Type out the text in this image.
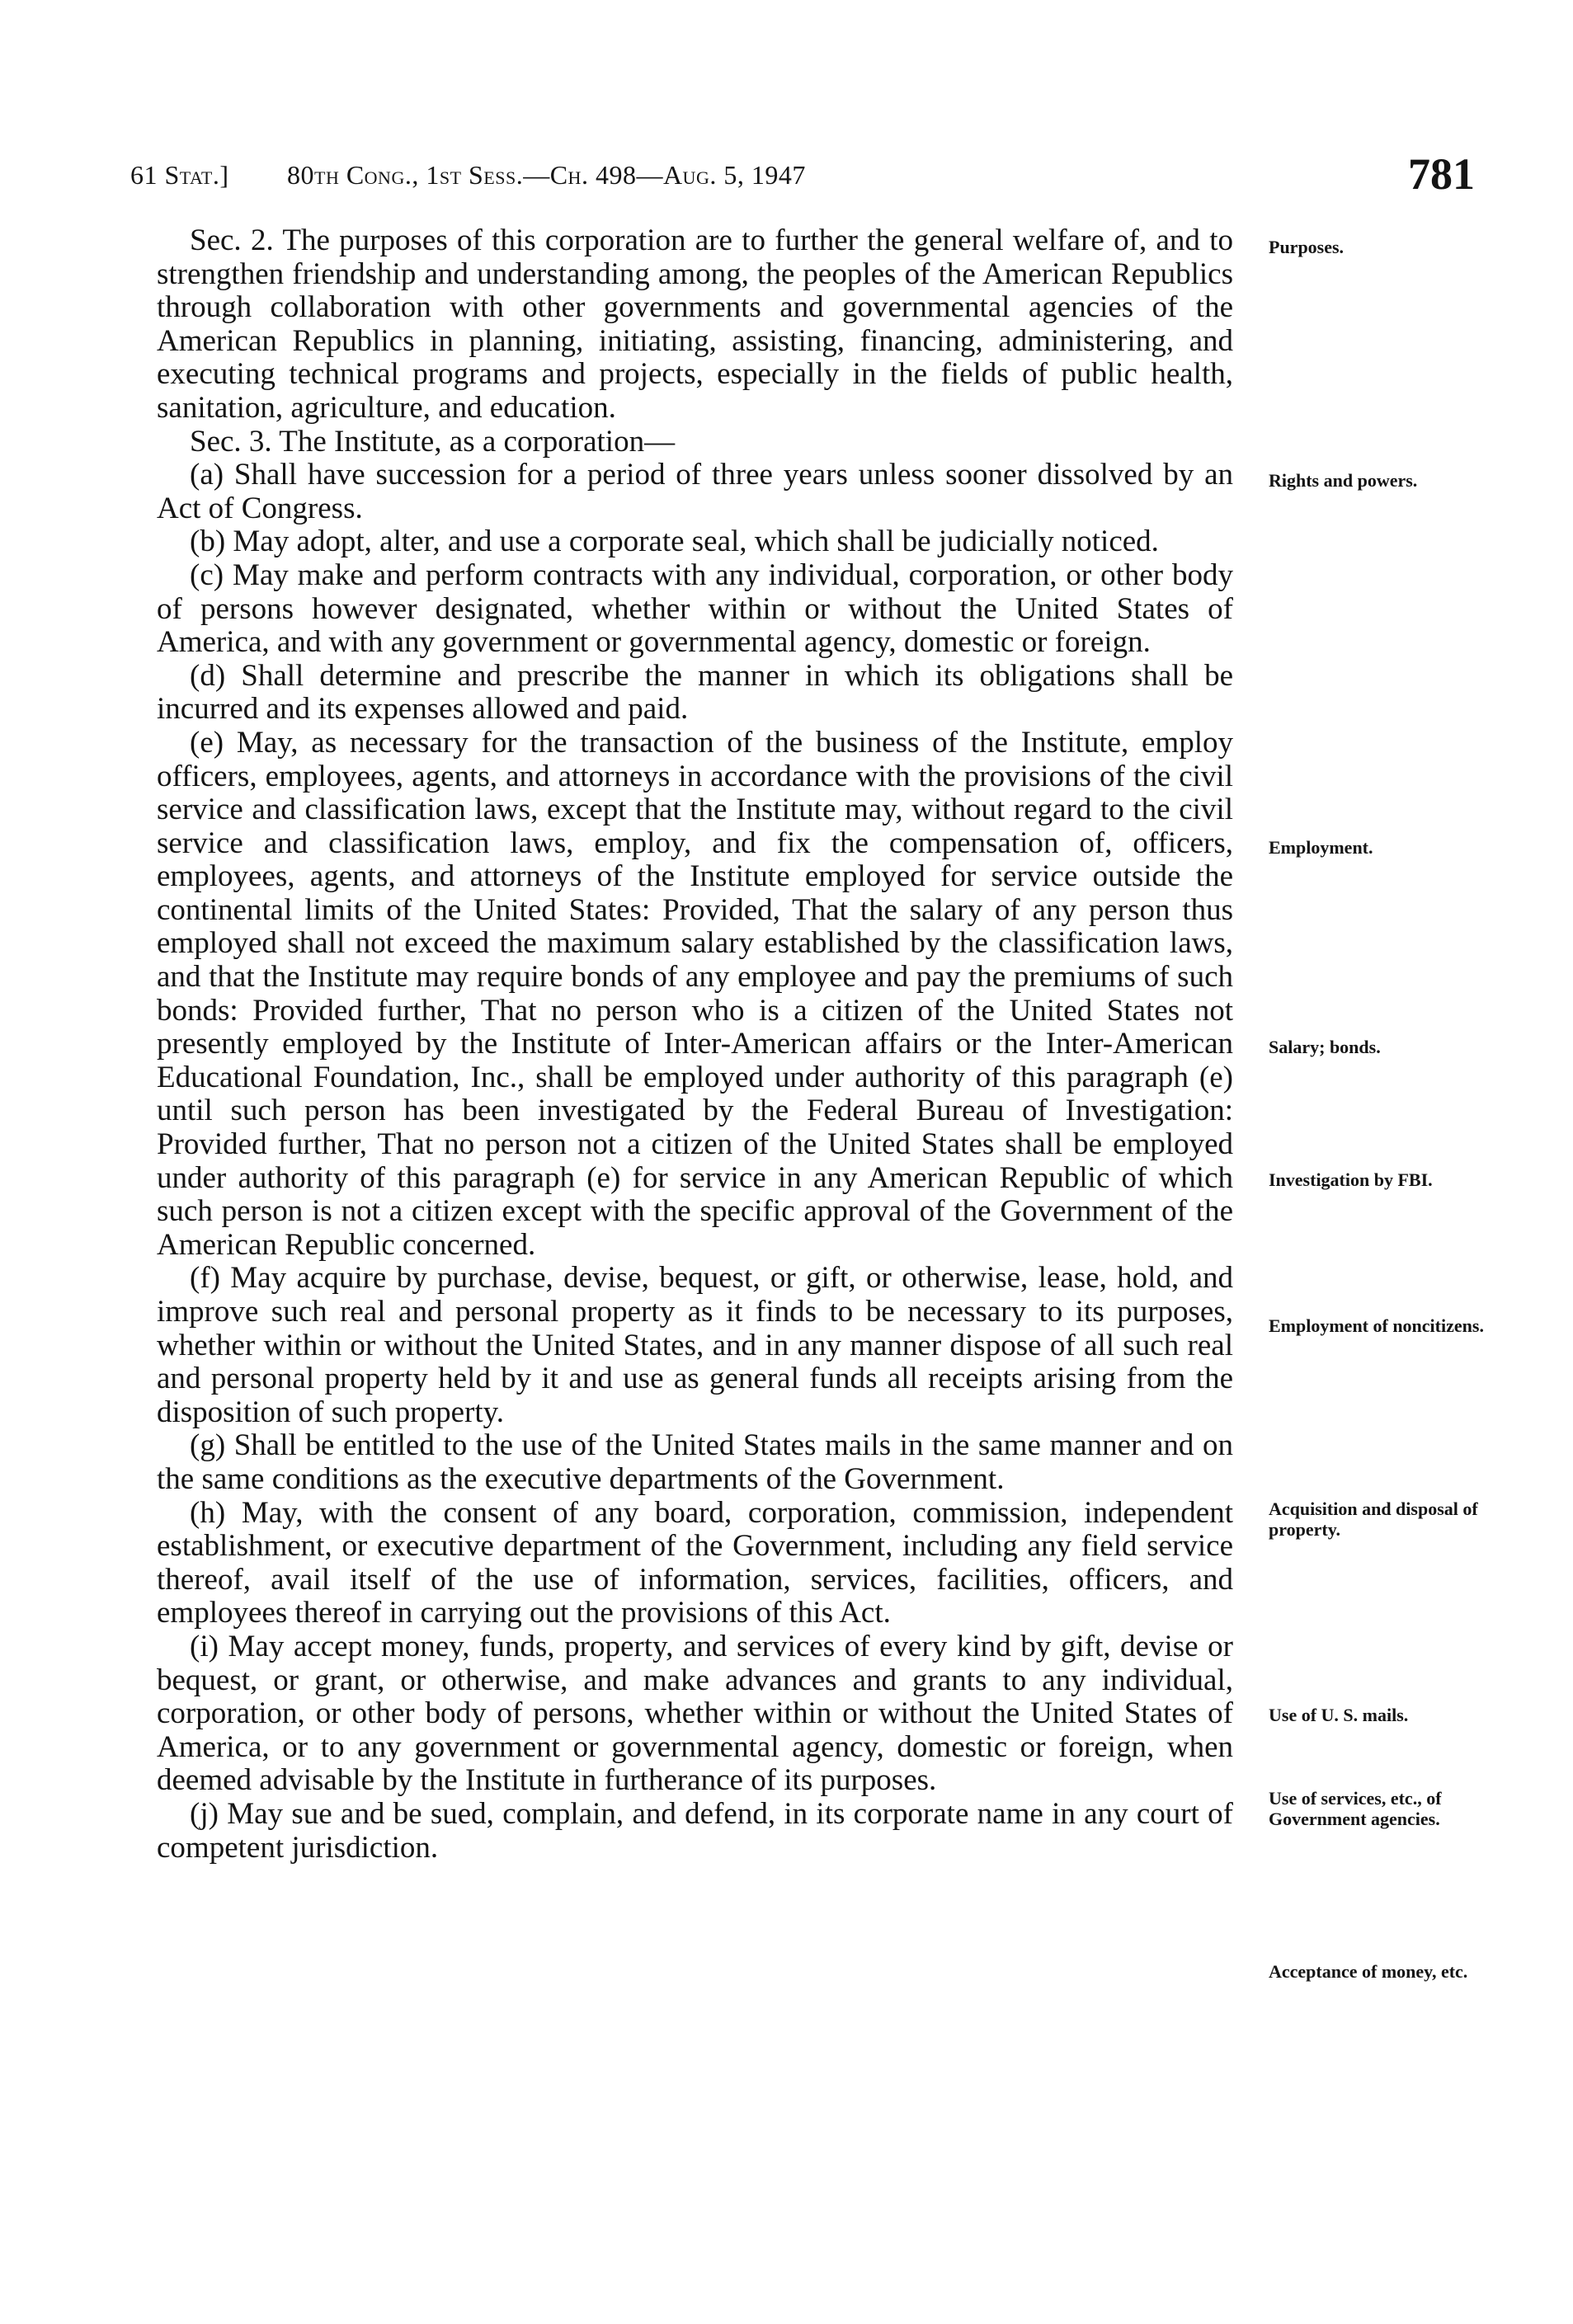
61 Stat.] 80th Cong., 1st Sess.—Ch. 498—Aug. 5, 1947	781

Sec. 2. The purposes of this corporation are to further the general welfare of, and to strengthen friendship and understanding among, the peoples of the American Republics through collaboration with other governments and governmental agencies of the American Republics in planning, initiating, assisting, financing, administering, and executing technical programs and projects, especially in the fields of public health, sanitation, agriculture, and education.

Sec. 3. The Institute, as a corporation—

(a) Shall have succession for a period of three years unless sooner dissolved by an Act of Congress.

(b) May adopt, alter, and use a corporate seal, which shall be judicially noticed.

(c) May make and perform contracts with any individual, corporation, or other body of persons however designated, whether within or without the United States of America, and with any government or governmental agency, domestic or foreign.

(d) Shall determine and prescribe the manner in which its obligations shall be incurred and its expenses allowed and paid.

(e) May, as necessary for the transaction of the business of the Institute, employ officers, employees, agents, and attorneys in accordance with the provisions of the civil service and classification laws, except that the Institute may, without regard to the civil service and classification laws, employ, and fix the compensation of, officers, employees, agents, and attorneys of the Institute employed for service outside the continental limits of the United States: Provided, That the salary of any person thus employed shall not exceed the maximum salary established by the classification laws, and that the Institute may require bonds of any employee and pay the premiums of such bonds: Provided further, That no person who is a citizen of the United States not presently employed by the Institute of Inter-American affairs or the Inter-American Educational Foundation, Inc., shall be employed under authority of this paragraph (e) until such person has been investigated by the Federal Bureau of Investigation: Provided further, That no person not a citizen of the United States shall be employed under authority of this paragraph (e) for service in any American Republic of which such person is not a citizen except with the specific approval of the Government of the American Republic concerned.

(f) May acquire by purchase, devise, bequest, or gift, or otherwise, lease, hold, and improve such real and personal property as it finds to be necessary to its purposes, whether within or without the United States, and in any manner dispose of all such real and personal property held by it and use as general funds all receipts arising from the disposition of such property.

(g) Shall be entitled to the use of the United States mails in the same manner and on the same conditions as the executive departments of the Government.

(h) May, with the consent of any board, corporation, commission, independent establishment, or executive department of the Government, including any field service thereof, avail itself of the use of information, services, facilities, officers, and employees thereof in carrying out the provisions of this Act.

(i) May accept money, funds, property, and services of every kind by gift, devise or bequest, or grant, or otherwise, and make advances and grants to any individual, corporation, or other body of persons, whether within or without the United States of America, or to any government or governmental agency, domestic or foreign, when deemed advisable by the Institute in furtherance of its purposes.

(j) May sue and be sued, complain, and defend, in its corporate name in any court of competent jurisdiction.

Purposes.
Rights and powers.
Employment.
Salary; bonds.
Investigation by FBI.
Employment of noncitizens.
Acquisition and disposal of property.
Use of U. S. mails.
Use of services, etc., of Government agencies.
Acceptance of money, etc.
